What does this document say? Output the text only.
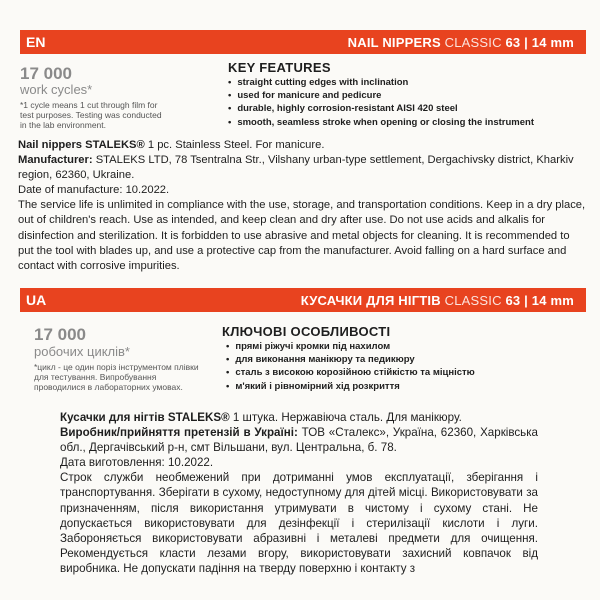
EN	NAIL NIPPERS CLASSIC 63 | 14 mm
17 000
work cycles*
*1 cycle means 1 cut through film for test purposes. Testing was conducted in the lab environment.
KEY FEATURES
• straight cutting edges with inclination
• used for manicure and pedicure
• durable, highly corrosion-resistant AISI 420 steel
• smooth, seamless stroke when opening or closing the instrument

Nail nippers STALEKS® 1 pc. Stainless Steel. For manicure.

Manufacturer: STALEKS LTD, 78 Tsentralna Str., Vilshany urban-type settlement, Dergachivsky district, Kharkiv region, 62360, Ukraine.

Date of manufacture: 10.2022.

The service life is unlimited in compliance with the use, storage, and transportation conditions. Keep in a dry place, out of children's reach. Use as intended, and keep clean and dry after use. Do not use acids and alkalis for disinfection and sterilization. It is forbidden to use abrasive and metal objects for cleaning. It is recommended to put the tool with blades up, and use a protective cap from the manufacturer. Avoid falling on a hard surface and contact with corrosive impurities.

UA	КУСАЧКИ ДЛЯ НІГТІВ CLASSIC 63 | 14 mm
17 000
робочих циклів*
*цикл - це один поріз інструментом плівки для тестування. Випробування проводилися в лабораторних умовах.
КЛЮЧОВІ ОСОБЛИВОСТІ
• прямі ріжучі кромки під нахилом
• для виконання манікюру та педикюру
• сталь з високою корозійною стійкістю та міцністю
• м'який і рівномірний хід розкриття

Кусачки для нігтів STALEKS® 1 штука. Нержавіюча сталь. Для манікюру.

Виробник/прийняття претензій в Україні: ТОВ «Сталекс», Україна, 62360, Харківська обл., Дергачівський р-н, смт Вільшани, вул. Центральна, б. 78.

Дата виготовлення: 10.2022.

Строк служби необмежений при дотриманні умов експлуатації, зберігання і транспортування. Зберігати в сухому, недоступному для дітей місці. Використовувати за призначенням, після використання утримувати в чистому і сухому стані. Не допускається використовувати для дезінфекції і стерилізації кислоти і луги. Забороняється використовувати абразивні і металеві предмети для очищення. Рекомендується класти лезами вгору, використовувати захисний ковпачок від виробника. Не допускати падіння на тверду поверхню і контакту з
